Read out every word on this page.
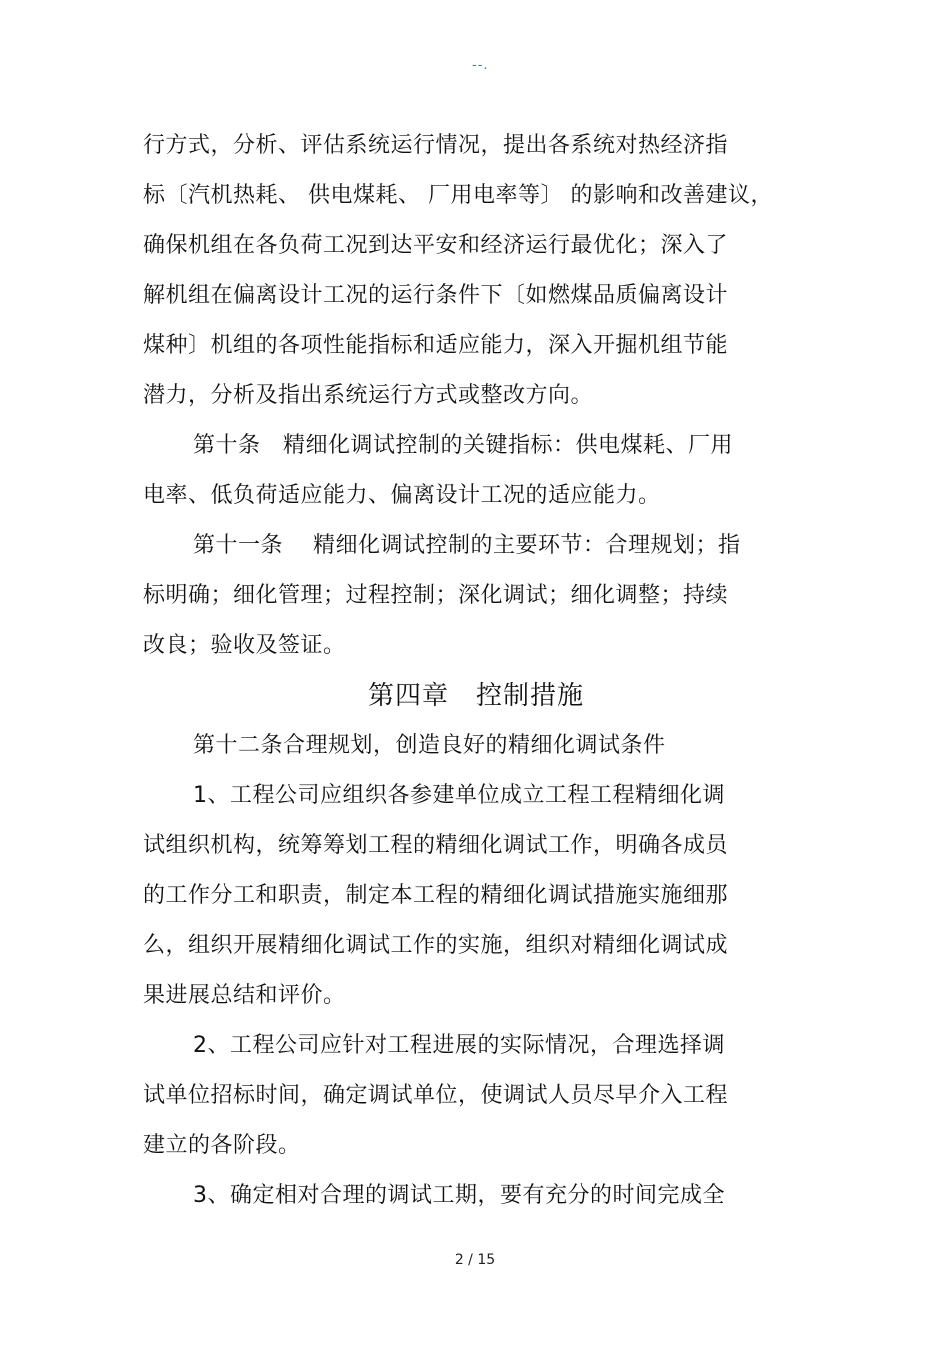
--.
行方式，分析、评估系统运行情况，提出各系统对热经济指
标〔汽机热耗、 供电煤耗、 厂用电率等〕 的影响和改善建议，
确保机组在各负荷工况到达平安和经济运行最优化；深入了
解机组在偏离设计工况的运行条件下〔如燃煤品质偏离设计
煤种〕机组的各项性能指标和适应能力，深入开掘机组节能
潜力，分析及指出系统运行方式或整改方向。
第十条　精细化调试控制的关键指标：供电煤耗、厂用
电率、低负荷适应能力、偏离设计工况的适应能力。
第十一条　 精细化调试控制的主要环节：合理规划；指
标明确；细化管理；过程控制；深化调试；细化调整；持续
改良；验收及签证。
第四章　控制措施
第十二条合理规划，创造良好的精细化调试条件
1、工程公司应组织各参建单位成立工程工程精细化调
试组织机构，统筹筹划工程的精细化调试工作，明确各成员
的工作分工和职责，制定本工程的精细化调试措施实施细那
么，组织开展精细化调试工作的实施，组织对精细化调试成
果进展总结和评价。
2、工程公司应针对工程进展的实际情况，合理选择调
试单位招标时间，确定调试单位，使调试人员尽早介入工程
建立的各阶段。
3、确定相对合理的调试工期，要有充分的时间完成全
2 / 15
